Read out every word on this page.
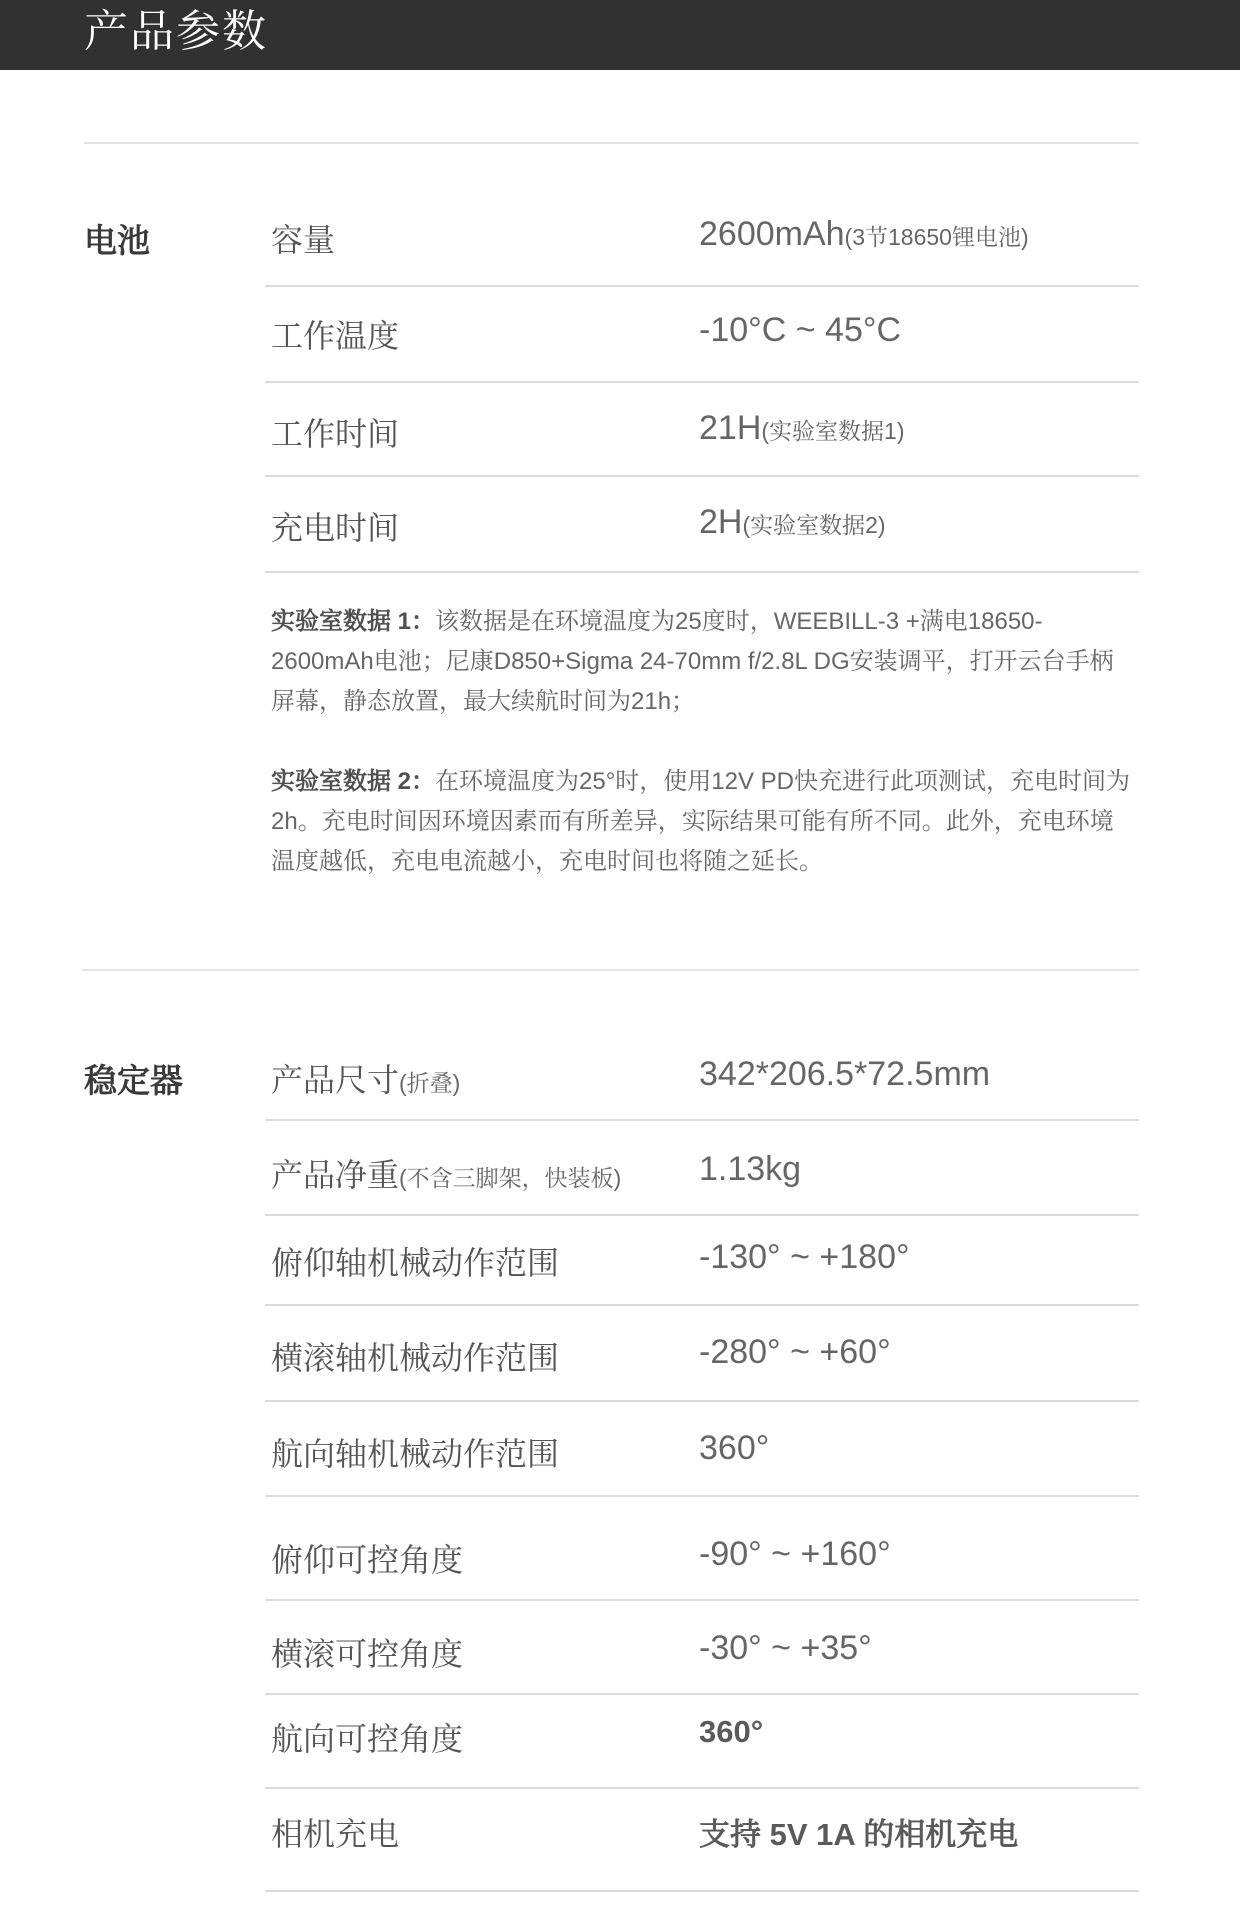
产品参数
电池	容量	2600mAh(3节18650锂电池)
工作温度	-10°C ~ 45°C
工作时间	21H(实验室数据1)
充电时间	2H(实验室数据2)
实验室数据 1：该数据是在环境温度为25度时，WEEBILL-3 +满电18650-2600mAh电池；尼康D850+Sigma 24-70mm f/2.8L DG安装调平，打开云台手柄屏幕，静态放置，最大续航时间为21h；
实验室数据 2：在环境温度为25°时，使用12V PD快充进行此项测试，充电时间为2h。充电时间因环境因素而有所差异，实际结果可能有所不同。此外，充电环境温度越低，充电电流越小，充电时间也将随之延长。
稳定器	产品尺寸(折叠)	342*206.5*72.5mm
产品净重(不含三脚架，快装板) 1.13kg
俯仰轴机械动作范围	-130° ~ +180°
横滚轴机械动作范围	-280° ~ +60°
航向轴机械动作范围	360°
俯仰可控角度	-90° ~ +160°
横滚可控角度	-30° ~ +35°
航向可控角度	360°
相机充电	支持 5V 1A 的相机充电
